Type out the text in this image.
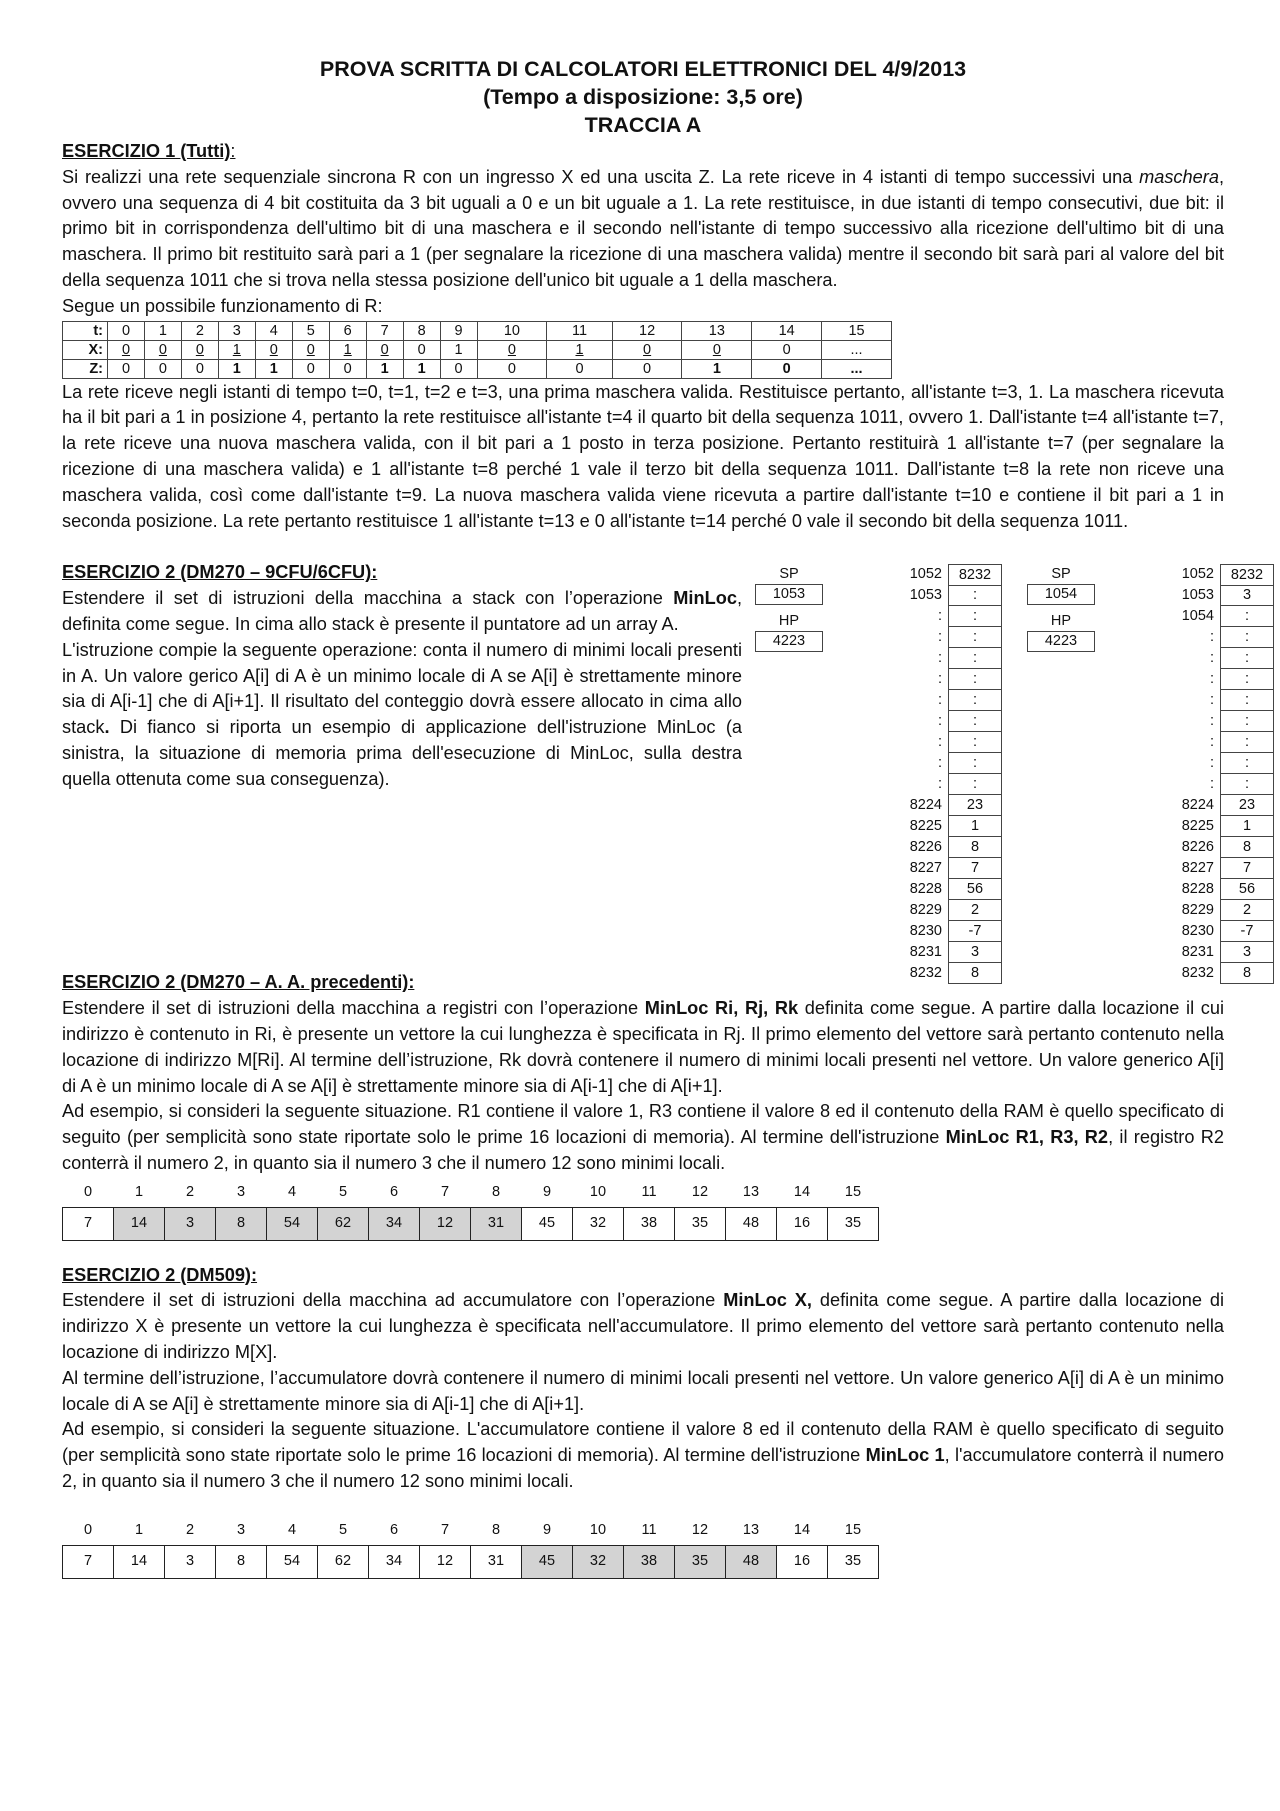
PROVA SCRITTA DI CALCOLATORI ELETTRONICI DEL 4/9/2013

(Tempo a disposizione: 3,5 ore)

TRACCIA A

ESERCIZIO 1 (Tutti):

Si realizzi una rete sequenziale sincrona R con un ingresso X ed una uscita Z. La rete riceve in 4 istanti di tempo successivi una maschera, ovvero una sequenza di 4 bit costituita da 3 bit uguali a 0 e un bit uguale a 1. La rete restituisce, in due istanti di tempo consecutivi, due bit: il primo bit in corrispondenza dell'ultimo bit di una maschera e il secondo nell'istante di tempo successivo alla ricezione dell'ultimo bit di una maschera. Il primo bit restituito sarà pari a 1 (per segnalare la ricezione di una maschera valida) mentre il secondo bit sarà pari al valore del bit della sequenza 1011 che si trova nella stessa posizione dell'unico bit uguale a 1 della maschera.

Segue un possibile funzionamento di R:

t:	0	1	2	3	4	5	6	7	8	9	10	11	12	13	14	15
X:	0	0	0	1	0	0	1	0	0	1	0	1	0	0	0	...
Z:	0	0	0	1	1	0	0	1	1	0	0	0	0	1	0	...

La rete riceve negli istanti di tempo t=0, t=1, t=2 e t=3, una prima maschera valida. Restituisce pertanto, all'istante t=3, 1. La maschera ricevuta ha il bit pari a 1 in posizione 4, pertanto la rete restituisce all'istante t=4 il quarto bit della sequenza 1011, ovvero 1. Dall'istante t=4 all'istante t=7, la rete riceve una nuova maschera valida, con il bit pari a 1 posto in terza posizione. Pertanto restituirà 1 all'istante t=7 (per segnalare la ricezione di una maschera valida) e 1 all'istante t=8 perché 1 vale il terzo bit della sequenza 1011. Dall'istante t=8 la rete non riceve una maschera valida, così come dall'istante t=9. La nuova maschera valida viene ricevuta a partire dall'istante t=10 e contiene il bit pari a 1 in seconda posizione. La rete pertanto restituisce 1 all'istante t=13 e 0 all'istante t=14 perché 0 vale il secondo bit della sequenza 1011.

ESERCIZIO 2 (DM270 – 9CFU/6CFU):

Estendere il set di istruzioni della macchina a stack con l’operazione MinLoc, definita come segue. In cima allo stack è presente il puntatore ad un array A.

L'istruzione compie la seguente operazione: conta il numero di minimi locali presenti in A. Un valore gerico A[i] di A è un minimo locale di A se A[i] è strettamente minore sia di A[i-1] che di A[i+1]. Il risultato del conteggio dovrà essere allocato in cima allo stack. Di fianco si riporta un esempio di applicazione dell'istruzione MinLoc (a sinistra, la situazione di memoria prima dell'esecuzione di MinLoc, sulla destra quella ottenuta come sua conseguenza).

SP
1053
HP
4223
1052	8232
1053	:
:	:
:	:
:	:
:	:
:	:
:	:
:	:
:	:
:	:
8224	23
8225	1
8226	8
8227	7
8228	56
8229	2
8230	-7
8231	3
8232	8
SP
1054
HP
4223
1052	8232
1053	3
1054	:
:	:
:	:
:	:
:	:
:	:
:	:
:	:
:	:
8224	23
8225	1
8226	8
8227	7
8228	56
8229	2
8230	-7
8231	3
8232	8

ESERCIZIO 2 (DM270 – A. A. precedenti):

Estendere il set di istruzioni della macchina a registri con l’operazione MinLoc Ri, Rj, Rk definita come segue. A partire dalla locazione il cui indirizzo è contenuto in Ri, è presente un vettore la cui lunghezza è specificata in Rj. Il primo elemento del vettore sarà pertanto contenuto nella locazione di indirizzo M[Ri]. Al termine dell’istruzione, Rk dovrà contenere il numero di minimi locali presenti nel vettore. Un valore generico A[i] di A è un minimo locale di A se A[i] è strettamente minore sia di A[i-1] che di A[i+1].

Ad esempio, si consideri la seguente situazione. R1 contiene il valore 1, R3 contiene il valore 8 ed il contenuto della RAM è quello specificato di seguito (per semplicità sono state riportate solo le prime 16 locazioni di memoria). Al termine dell'istruzione MinLoc R1, R3, R2, il registro R2 conterrà il numero 2, in quanto sia il numero 3 che il numero 12 sono minimi locali.

0	1	2	3	4	5	6	7	8	9	10	11	12	13	14	15
7	14	3	8	54	62	34	12	31	45	32	38	35	48	16	35

ESERCIZIO 2 (DM509):

Estendere il set di istruzioni della macchina ad accumulatore con l’operazione MinLoc X, definita come segue. A partire dalla locazione di indirizzo X è presente un vettore la cui lunghezza è specificata nell'accumulatore. Il primo elemento del vettore sarà pertanto contenuto nella locazione di indirizzo M[X].

Al termine dell’istruzione, l’accumulatore dovrà contenere il numero di minimi locali presenti nel vettore. Un valore generico A[i] di A è un minimo locale di A se A[i] è strettamente minore sia di A[i-1] che di A[i+1].

Ad esempio, si consideri la seguente situazione. L'accumulatore contiene il valore 8 ed il contenuto della RAM è quello specificato di seguito (per semplicità sono state riportate solo le prime 16 locazioni di memoria). Al termine dell'istruzione MinLoc 1, l'accumulatore conterrà il numero 2, in quanto sia il numero 3 che il numero 12 sono minimi locali.

0	1	2	3	4	5	6	7	8	9	10	11	12	13	14	15
7	14	3	8	54	62	34	12	31	45	32	38	35	48	16	35
